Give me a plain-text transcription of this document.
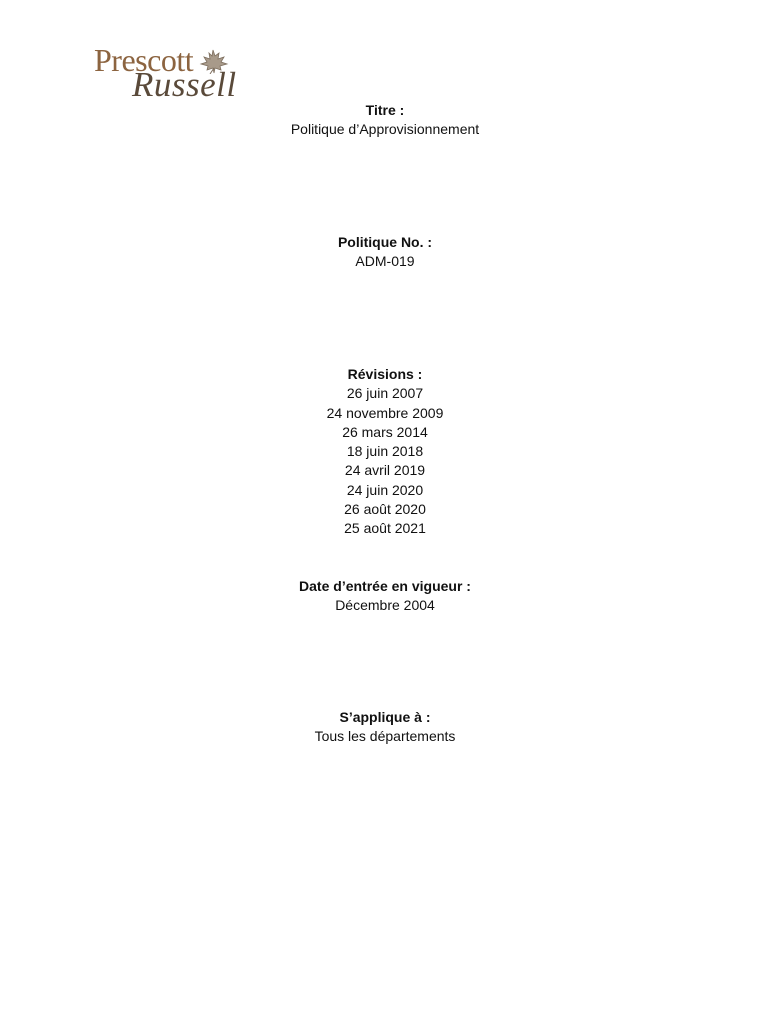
Prescott
Russell
Titre :
Politique d’Approvisionnement
Politique No. :
ADM-019
Révisions :
26 juin 2007
24 novembre 2009
26 mars 2014
18 juin 2018
24 avril 2019
24 juin 2020
26 août 2020
25 août 2021
Date d’entrée en vigueur :
Décembre 2004
S’applique à :
Tous les départements
